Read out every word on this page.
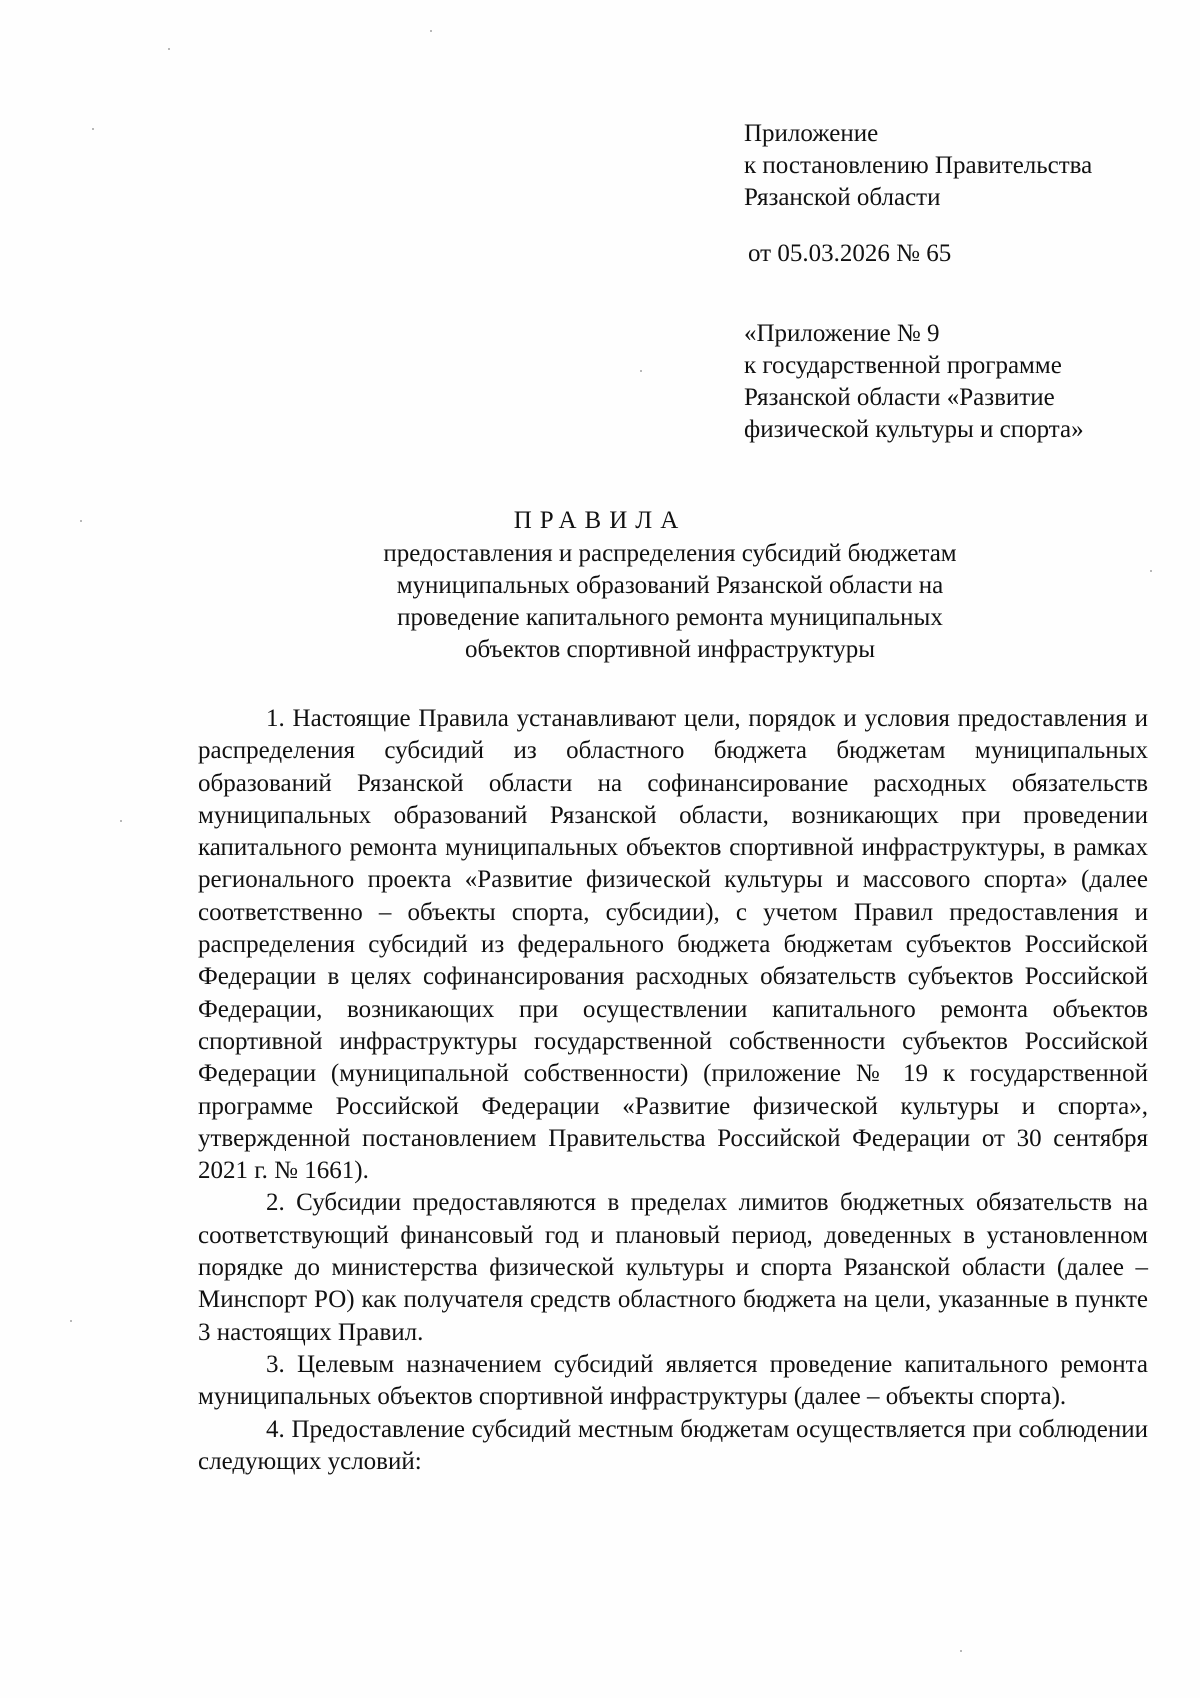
Приложение
к постановлению Правительства
Рязанской области
от 05.03.2026 № 65
«Приложение № 9
к государственной программе
Рязанской области «Развитие
физической культуры и спорта»
ПРАВИЛА
предоставления и распределения субсидий бюджетам
муниципальных образований Рязанской области на
проведение капитального ремонта муниципальных
объектов спортивной инфраструктуры

1. Настоящие Правила устанавливают цели, порядок и условия предоставления и распределения субсидий из областного бюджета бюджетам муниципальных образований Рязанской области на софинансирование расходных обязательств муниципальных образований Рязанской области, возникающих при проведении капитального ремонта муниципальных объектов спортивной инфраструктуры, в рамках регионального проекта «Развитие физической культуры и массового спорта» (далее соответственно – объекты спорта, субсидии), с учетом Правил предоставления и распределения субсидий из федерального бюджета бюджетам субъектов Российской Федерации в целях софинансирования расходных обязательств субъектов Российской Федерации, возникающих при осуществлении капитального ремонта объектов спортивной инфраструктуры государственной собственности субъектов Российской Федерации (муниципальной собственности) (приложение № 19 к государственной программе Российской Федерации «Развитие физической культуры и спорта», утвержденной постановлением Правительства Российской Федерации от 30 сентября 2021 г. № 1661).

2. Субсидии предоставляются в пределах лимитов бюджетных обязательств на соответствующий финансовый год и плановый период, доведенных в установленном порядке до министерства физической культуры и спорта Рязанской области (далее – Минспорт РО) как получателя средств областного бюджета на цели, указанные в пункте 3 настоящих Правил.

3. Целевым назначением субсидий является проведение капитального ремонта муниципальных объектов спортивной инфраструктуры (далее – объекты спорта).

4. Предоставление субсидий местным бюджетам осуществляется при соблюдении следующих условий:
